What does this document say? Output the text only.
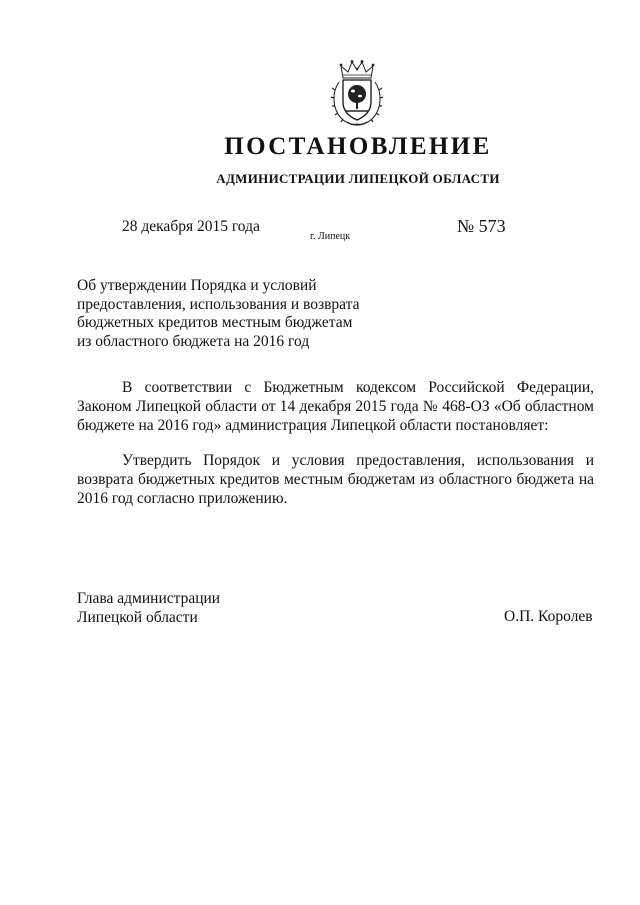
ПОСТАНОВЛЕНИЕ
АДМИНИСТРАЦИИ ЛИПЕЦКОЙ ОБЛАСТИ
28 декабря 2015 года
г. Липецк
№ 573
Об утверждении Порядка и условий
предоставления, использования и возврата
бюджетных кредитов местным бюджетам
из областного бюджета на 2016 год

В соответствии с Бюджетным кодексом Российской Федерации, Законом Липецкой области от 14 декабря 2015 года № 468-ОЗ «Об областном бюджете на 2016 год» администрация Липецкой области постановляет:

Утвердить Порядок и условия предоставления, использования и возврата бюджетных кредитов местным бюджетам из областного бюджета на 2016 год согласно приложению.

Глава администрации
Липецкой области	О.П. Королев
